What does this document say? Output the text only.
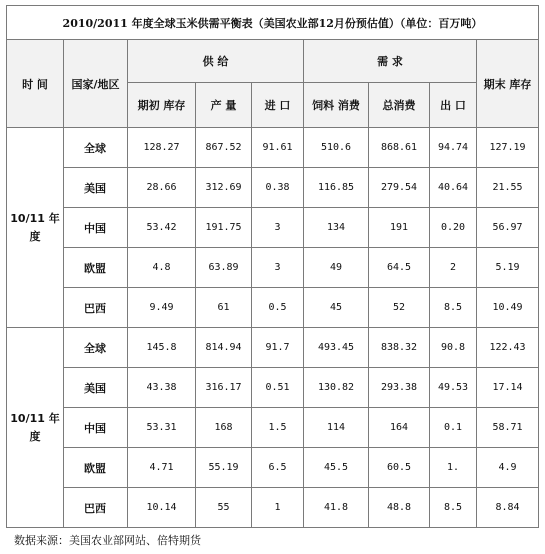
2010/2011 年度全球玉米供需平衡表（美国农业部12月份预估值）（单位：百万吨）								
时 间	国家/地区	供 给			需 求			期末 库存
		期初 库存	产 量	进 口	饲料 消费	总消费	出 口	
10/11 年度	全球	128.27	867.52	91.61	510.6	868.61	94.74	127.19
	美国	28.66	312.69	0.38	116.85	279.54	40.64	21.55
	中国	53.42	191.75	3	134	191	0.20	56.97
	欧盟	4.8	63.89	3	49	64.5	2	5.19
	巴西	9.49	61	0.5	45	52	8.5	10.49
10/11 年度	全球	145.8	814.94	91.7	493.45	838.32	90.8	122.43
	美国	43.38	316.17	0.51	130.82	293.38	49.53	17.14
	中国	53.31	168	1.5	114	164	0.1	58.71
	欧盟	4.71	55.19	6.5	45.5	60.5	1.	4.9
	巴西	10.14	55	1	41.8	48.8	8.5	8.84
数据来源：美国农业部网站、倍特期货
